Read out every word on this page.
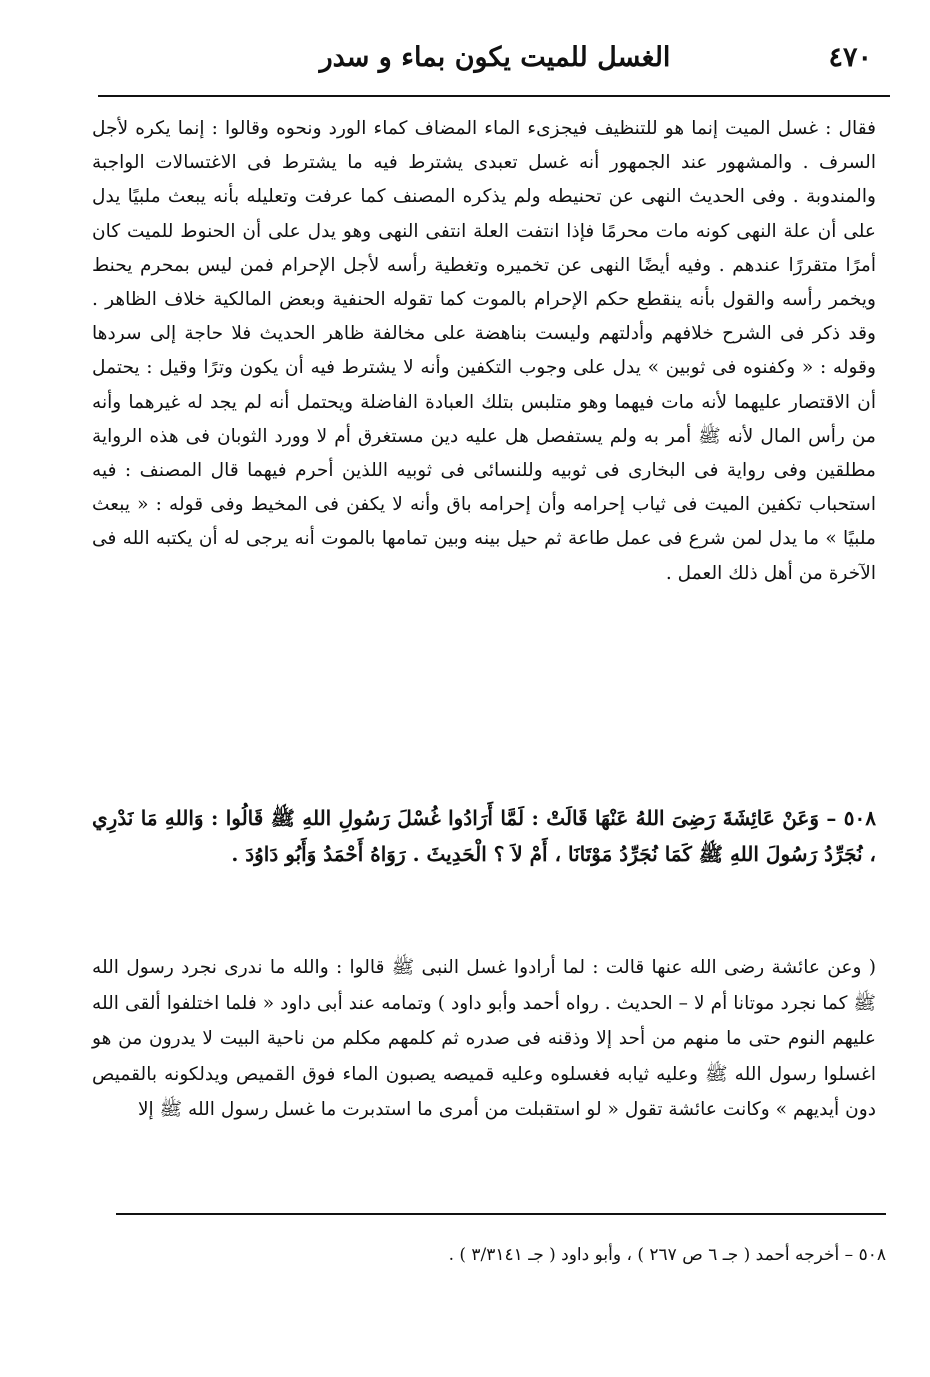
٤٧٠
الغسل للميت يكون بماء و سدر

فقال : غسل الميت إنما هو للتنظيف فيجزىء الماء المضاف كماء الورد ونحوه وقالوا : إنما يكره لأجل السرف . والمشهور عند الجمهور أنه غسل تعبدى يشترط فيه ما يشترط فى الاغتسالات الواجبة والمندوبة . وفى الحديث النهى عن تحنيطه ولم يذكره المصنف كما عرفت وتعليله بأنه يبعث ملبيًا يدل على أن علة النهى كونه مات محرمًا فإذا انتفت العلة انتفى النهى وهو يدل على أن الحنوط للميت كان أمرًا متقررًا عندهم . وفيه أيضًا النهى عن تخميره وتغطية رأسه لأجل الإحرام فمن ليس بمحرم يحنط ويخمر رأسه والقول بأنه ينقطع حكم الإحرام بالموت كما تقوله الحنفية وبعض المالكية خلاف الظاهر . وقد ذكر فى الشرح خلافهم وأدلتهم وليست بناهضة على مخالفة ظاهر الحديث فلا حاجة إلى سردها وقوله : « وكفنوه فى ثوبين » يدل على وجوب التكفين وأنه لا يشترط فيه أن يكون وترًا وقيل : يحتمل أن الاقتصار عليهما لأنه مات فيهما وهو متلبس بتلك العبادة الفاضلة ويحتمل أنه لم يجد له غيرهما وأنه من رأس المال لأنه ﷺ أمر به ولم يستفصل هل عليه دين مستغرق أم لا وورد الثوبان فى هذه الرواية مطلقين وفى رواية فى البخارى فى ثوبيه وللنسائى فى ثوبيه اللذين أحرم فيهما قال المصنف : فيه استحباب تكفين الميت فى ثياب إحرامه وأن إحرامه باق وأنه لا يكفن فى المخيط وفى قوله : « يبعث ملبيًا » ما يدل لمن شرع فى عمل طاعة ثم حيل بينه وبين تمامها بالموت أنه يرجى له أن يكتبه الله فى الآخرة من أهل ذلك العمل .

٥٠٨ – وَعَنْ عَائِشَةَ رَضِىَ اللهُ عَنْهَا قَالَتْ : لَمَّا أَرَادُوا غُسْلَ رَسُولِ اللهِ ﷺ قَالُوا : وَاللهِ مَا نَدْرِي ، نُجَرِّدُ رَسُولَ اللهِ ﷺ كَمَا نُجَرِّدُ مَوْتَانَا ، أَمْ لاَ ؟ الْحَدِيثَ . رَوَاهُ أَحْمَدُ وَأَبُو دَاوُدَ .

( وعن عائشة رضى الله عنها قالت : لما أرادوا غسل النبى ﷺ قالوا : والله ما ندرى نجرد رسول الله ﷺ كما نجرد موتانا أم لا – الحديث . رواه أحمد وأبو داود ) وتمامه عند أبى داود « فلما اختلفوا ألقى الله عليهم النوم حتى ما منهم من أحد إلا وذقنه فى صدره ثم كلمهم مكلم من ناحية البيت لا يدرون من هو اغسلوا رسول الله ﷺ وعليه ثيابه فغسلوه وعليه قميصه يصبون الماء فوق القميص ويدلكونه بالقميص دون أيديهم » وكانت عائشة تقول « لو استقبلت من أمرى ما استدبرت ما غسل رسول الله ﷺ إلا

٥٠٨ – أخرجه أحمد ( جـ ٦ ص ٢٦٧ ) ، وأبو داود ( جـ ٣/٣١٤١ ) .
